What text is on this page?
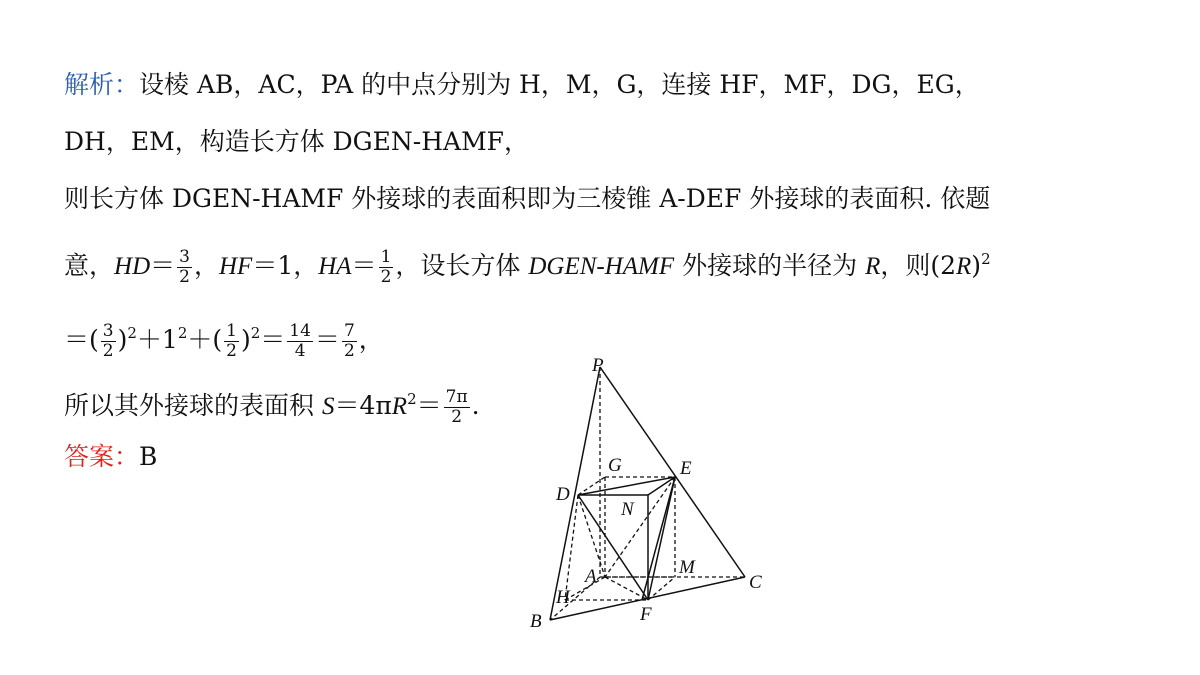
解析：设棱 AB，AC，PA 的中点分别为 H，M，G，连接 HF，MF，DG，EG，
DH，EM，构造长方体 DGEN-HAMF，
则长方体 DGEN-HAMF 外接球的表面积即为三棱锥 A-DEF 外接球的表面积. 依题
意，$HD= \frac{3}{2}$ ，HF＝1，$HA= \frac{1}{2}$ ，设长方体 DGEN-HAMF 外接球的半径为 R，则$(2R)^2$
＝( $\frac{3}{2} )^2+1^2+( \frac{1}{2} )^2= \frac{14}{4} = \frac{7}{2}$ ，
所以其外接球的表面积 $S=4\pi R^2= \frac{7\pi}{2}$ .
答案：B
P
G	E
D
N
A	M
C
H
F
B
